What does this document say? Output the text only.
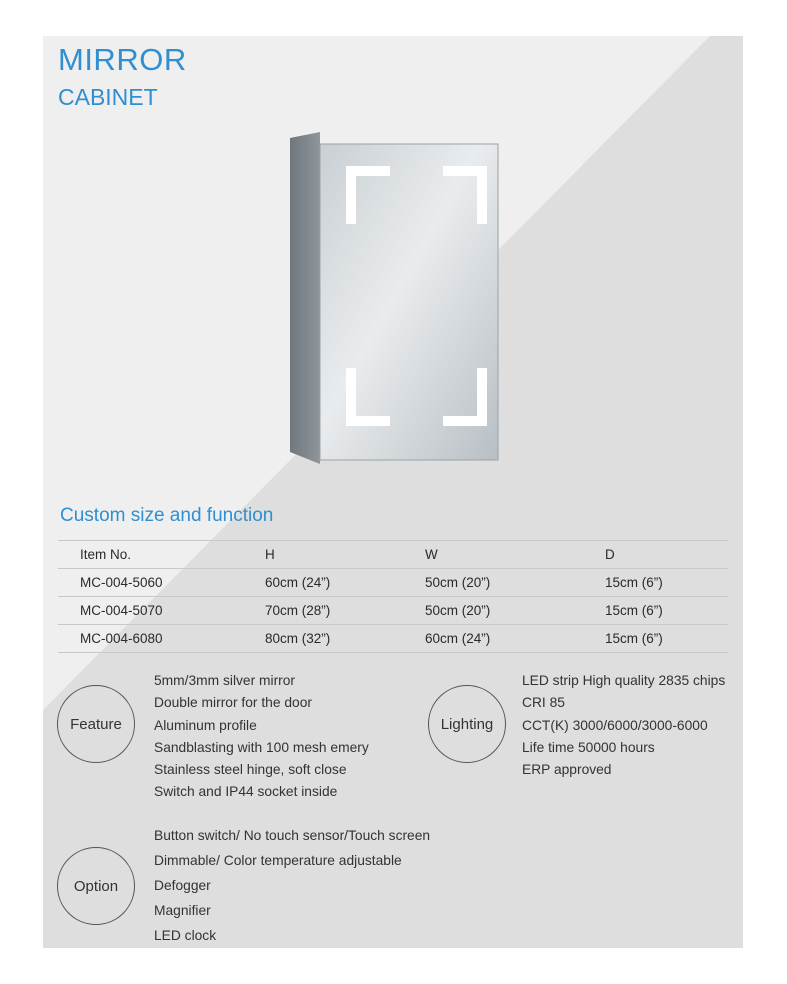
MIRROR
CABINET
Custom size and function
Item No.	H	W	D
MC-004-5060	60cm (24”)	50cm (20”)	15cm (6”)
MC-004-5070	70cm (28”)	50cm (20”)	15cm (6”)
MC-004-6080	80cm (32”)	60cm (24”)	15cm (6”)
Feature
5mm/3mm silver mirror
Double mirror for the door
Aluminum profile
Sandblasting with 100 mesh emery
Stainless steel hinge, soft close
Switch and IP44 socket inside
Lighting
LED strip High quality 2835 chips
CRI 85
CCT(K) 3000/6000/3000-6000
Life time 50000 hours
ERP approved
Option
Button switch/ No touch sensor/Touch screen
Dimmable/ Color temperature adjustable
Defogger
Magnifier
LED clock
